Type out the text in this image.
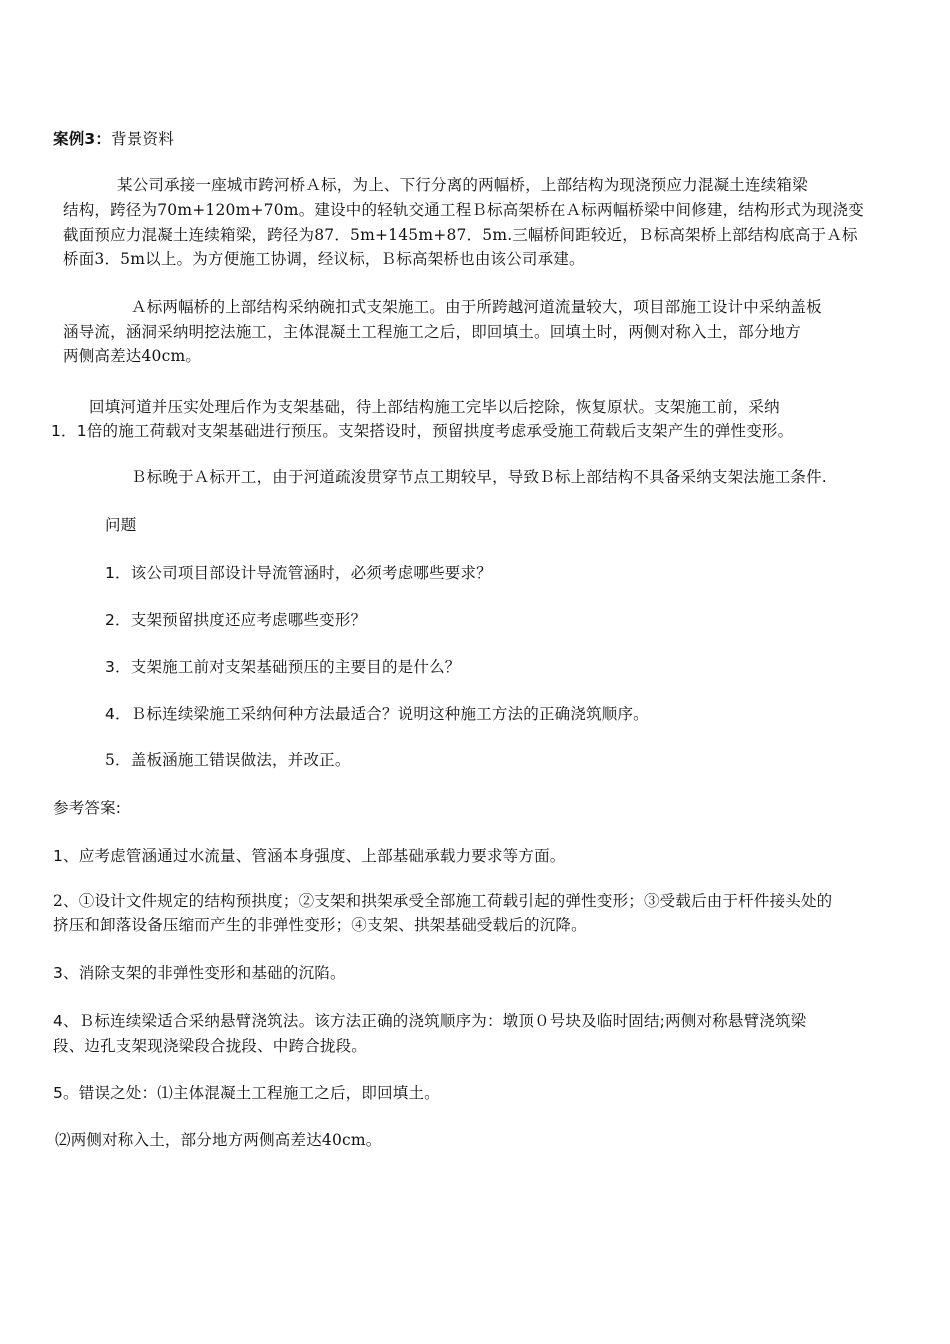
案例3：背景资料
某公司承接一座城市跨河桥Ａ标，为上、下行分离的两幅桥，上部结构为现浇预应力混凝土连续箱梁
结构，跨径为70m+120m+70m。建设中的轻轨交通工程Ｂ标高架桥在Ａ标两幅桥梁中间修建，结构形式为现浇变
截面预应力混凝土连续箱梁，跨径为87．5m+145m+87．5m.三幅桥间距较近，Ｂ标高架桥上部结构底高于Ａ标
桥面3．5m以上。为方便施工协调，经议标，Ｂ标高架桥也由该公司承建。
Ａ标两幅桥的上部结构采纳碗扣式支架施工。由于所跨越河道流量较大，项目部施工设计中采纳盖板
涵导流，涵洞采纳明挖法施工，主体混凝土工程施工之后，即回填土。回填土时，两侧对称入土，部分地方
两侧高差达40cm。
回填河道并压实处理后作为支架基础，待上部结构施工完毕以后挖除，恢复原状。支架施工前，采纳
1．1倍的施工荷载对支架基础进行预压。支架搭设时，预留拱度考虑承受施工荷载后支架产生的弹性变形。
Ｂ标晚于Ａ标开工，由于河道疏浚贯穿节点工期较早，导致Ｂ标上部结构不具备采纳支架法施工条件.
问题
1．该公司项目部设计导流管涵时，必须考虑哪些要求？
2．支架预留拱度还应考虑哪些变形？
3．支架施工前对支架基础预压的主要目的是什么？
4．Ｂ标连续梁施工采纳何种方法最适合？说明这种施工方法的正确浇筑顺序。
5．盖板涵施工错误做法，并改正。
参考答案:
1、应考虑管涵通过水流量、管涵本身强度、上部基础承载力要求等方面。
2、①设计文件规定的结构预拱度；②支架和拱架承受全部施工荷载引起的弹性变形；③受载后由于杆件接头处的
挤压和卸落设备压缩而产生的非弹性变形；④支架、拱架基础受载后的沉降。
3、消除支架的非弹性变形和基础的沉陷。
4、Ｂ标连续梁适合采纳悬臂浇筑法。该方法正确的浇筑顺序为：墩顶０号块及临时固结;两侧对称悬臂浇筑梁
段、边孔支架现浇梁段合拢段、中跨合拢段。
5。错误之处：⑴主体混凝土工程施工之后，即回填土。
⑵两侧对称入土，部分地方两侧高差达40cm。
